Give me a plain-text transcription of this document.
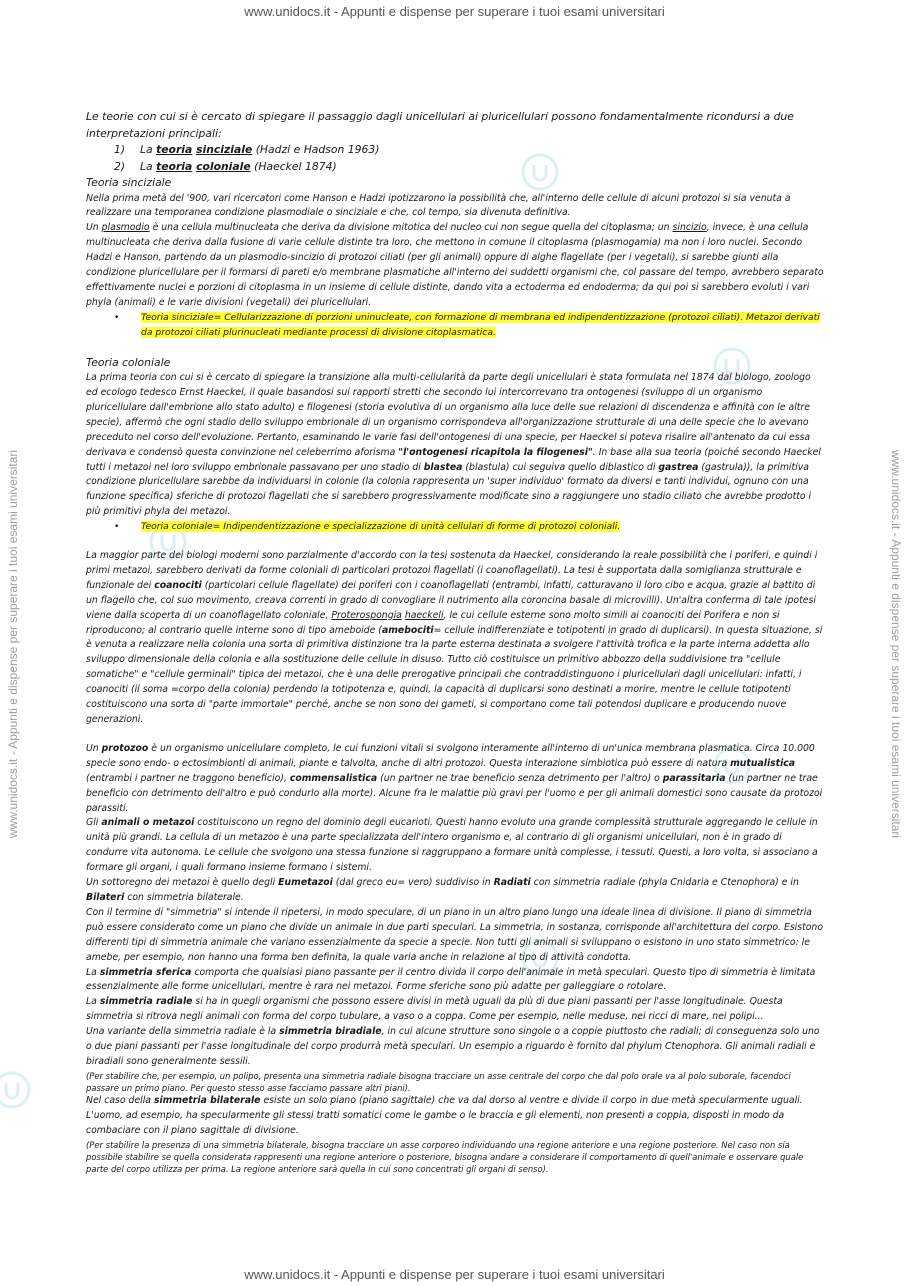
www.unidocs.it - Appunti e dispense per superare i tuoi esami universitari
www.unidocs.it - Appunti e dispense per superare i tuoi esami universitari
www.unidocs.it - Appunti e dispense per superare i tuoi esami universitari	www.unidocs.it - Appunti e dispense per superare i tuoi esami universitari

Le teorie con cui si è cercato di spiegare il passaggio dagli unicellulari ai pluricellulari possono fondamentalmente ricondursi a due interpretazioni principali:

1) La teoria sinciziale (Hadzi e Hadson 1963)
2) La teoria coloniale (Haeckel 1874)

Teoria sinciziale

Nella prima metà del '900, vari ricercatori come Hanson e Hadzi ipotizzarono la possibilità che, all'interno delle cellule di alcuni protozoi si sia venuta a realizzare una temporanea condizione plasmodiale o sinciziale e che, col tempo, sia divenuta definitiva.

Un plasmodio è una cellula multinucleata che deriva da divisione mitotica del nucleo cui non segue quella del citoplasma; un sincizio, invece, è una cellula multinucleata che deriva dalla fusione di varie cellule distinte tra loro, che mettono in comune il citoplasma (plasmogamia) ma non i loro nuclei. Secondo Hadzi e Hanson, partendo da un plasmodio-sincizio di protozoi ciliati (per gli animali) oppure di alghe flagellate (per i vegetali), si sarebbe giunti alla condizione pluricellulare per il formarsi di pareti e/o membrane plasmatiche all'interno dei suddetti organismi che, col passare del tempo, avrebbero separato effettivamente nuclei e porzioni di citoplasma in un insieme di cellule distinte, dando vita a ectoderma ed endoderma; da qui poi si sarebbero evoluti i vari phyla (animali) e le varie divisioni (vegetali) dei pluricellulari.

• Teoria sinciziale= Cellularizzazione di porzioni uninucleate, con formazione di membrana ed indipendentizzazione (protozoi ciliati). Metazoi derivati da protozoi ciliati plurinucleati mediante processi di divisione citoplasmatica.

Teoria coloniale

La prima teoria con cui si è cercato di spiegare la transizione alla multi-cellularità da parte degli unicellulari è stata formulata nel 1874 dal biologo, zoologo ed ecologo tedesco Ernst Haeckel, il quale basandosi sui rapporti stretti che secondo lui intercorrevano tra ontogenesi (sviluppo di un organismo pluricellulare dall'embrione allo stato adulto) e filogenesi (storia evolutiva di un organismo alla luce delle sue relazioni di discendenza e affinità con le altre specie), affermò che ogni stadio dello sviluppo embrionale di un organismo corrispondeva all'organizzazione strutturale di una delle specie che lo avevano preceduto nel corso dell'evoluzione. Pertanto, esaminando le varie fasi dell'ontogenesi di una specie, per Haeckel si poteva risalire all'antenato da cui essa derivava e condensò questa convinzione nel celeberrimo aforisma "l'ontogenesi ricapitola la filogenesi". In base alla sua teoria (poiché secondo Haeckel tutti i metazoi nel loro sviluppo embrionale passavano per uno stadio di blastea (blastula) cui seguiva quello diblastico di gastrea (gastrula)), la primitiva condizione pluricellulare sarebbe da individuarsi in colonie (la colonia rappresenta un 'super individuo' formato da diversi e tanti individui, ognuno con una funzione specifica) sferiche di protozoi flagellati che si sarebbero progressivamente modificate sino a raggiungere uno stadio ciliato che avrebbe prodotto i più primitivi phyla dei metazoi.

• Teoria coloniale= Indipendentizzazione e specializzazione di unità cellulari di forme di protozoi coloniali.

La maggior parte dei biologi moderni sono parzialmente d'accordo con la tesi sostenuta da Haeckel, considerando la reale possibilità che i poriferi, e quindi i primi metazoi, sarebbero derivati da forme coloniali di particolari protozoi flagellati (i coanoflagellati). La tesi è supportata dalla somiglianza strutturale e funzionale dei coanociti (particolari cellule flagellate) dei poriferi con i coanoflagellati (entrambi, infatti, catturavano il loro cibo e acqua, grazie al battito di un flagello che, col suo movimento, creava correnti in grado di convogliare il nutrimento alla coroncina basale di microvilli). Un'altra conferma di tale ipotesi viene dalla scoperta di un coanoflagellato coloniale, Proterospongia haeckeli, le cui cellule esterne sono molto simili ai coanociti dei Porifera e non si riproducono; al contrario quelle interne sono di tipo ameboide (amebociti= cellule indifferenziate e totipotenti in grado di duplicarsi). In questa situazione, si è venuta a realizzare nella colonia una sorta di primitiva distinzione tra la parte esterna destinata a svolgere l'attività trofica e la parte interna addetta allo sviluppo dimensionale della colonia e alla sostituzione delle cellule in disuso. Tutto ciò costituisce un primitivo abbozzo della suddivisione tra "cellule somatiche" e "cellule germinali" tipica dei metazoi, che è una delle prerogative principali che contraddistinguono i pluricellulari dagli unicellulari: infatti, i coanociti (il soma =corpo della colonia) perdendo la totipotenza e, quindi, la capacità di duplicarsi sono destinati a morire, mentre le cellule totipotenti costituiscono una sorta di "parte immortale" perché, anche se non sono dei gameti, si comportano come tali potendosi duplicare e producendo nuove generazioni.

Un protozoo è un organismo unicellulare completo, le cui funzioni vitali si svolgono interamente all'interno di un'unica membrana plasmatica. Circa 10.000 specie sono endo- o ectosimbionti di animali, piante e talvolta, anche di altri protozoi. Questa interazione simbiotica può essere di natura mutualistica (entrambi i partner ne traggono beneficio), commensalistica (un partner ne trae beneficio senza detrimento per l'altro) o parassitaria (un partner ne trae beneficio con detrimento dell'altro e può condurlo alla morte). Alcune fra le malattie più gravi per l'uomo e per gli animali domestici sono causate da protozoi parassiti.

Gli animali o metazoi costituiscono un regno del dominio degli eucarioti. Questi hanno evoluto una grande complessità strutturale aggregando le cellule in unità più grandi. La cellula di un metazoo è una parte specializzata dell'intero organismo e, al contrario di gli organismi unicellulari, non è in grado di condurre vita autonoma. Le cellule che svolgono una stessa funzione si raggruppano a formare unità complesse, i tessuti. Questi, a loro volta, si associano a formare gli organi, i quali formano insieme formano i sistemi.

Un sottoregno dei metazoi è quello degli Eumetazoi (dal greco eu= vero) suddiviso in Radiati con simmetria radiale (phyla Cnidaria e Ctenophora) e in Bilateri con simmetria bilaterale.

Con il termine di "simmetria" si intende il ripetersi, in modo speculare, di un piano in un altro piano lungo una ideale linea di divisione. Il piano di simmetria può essere considerato come un piano che divide un animale in due parti speculari. La simmetria, in sostanza, corrisponde all'architettura del corpo. Esistono differenti tipi di simmetria animale che variano essenzialmente da specie a specie. Non tutti gli animali si sviluppano o esistono in uno stato simmetrico: le amebe, per esempio, non hanno una forma ben definita, la quale varia anche in relazione al tipo di attività condotta.

La simmetria sferica comporta che qualsiasi piano passante per il centro divida il corpo dell'animale in metà speculari. Questo tipo di simmetria è limitata essenzialmente alle forme unicellulari, mentre è rara nei metazoi. Forme sferiche sono più adatte per galleggiare o rotolare.

La simmetria radiale si ha in quegli organismi che possono essere divisi in metà uguali da più di due piani passanti per l'asse longitudinale. Questa simmetria si ritrova negli animali con forma del corpo tubulare, a vaso o a coppa. Come per esempio, nelle meduse, nei ricci di mare, nei polipi...

Una variante della simmetria radiale è la simmetria biradiale, in cui alcune strutture sono singole o a coppie piuttosto che radiali; di conseguenza solo uno o due piani passanti per l'asse longitudinale del corpo produrrà metà speculari. Un esempio a riguardo è fornito dal phylum Ctenophora. Gli animali radiali e biradiali sono generalmente sessili.

(Per stabilire che, per esempio, un polipo, presenta una simmetria radiale bisogna tracciare un asse centrale del corpo che dal polo orale va al polo suborale, facendoci passare un primo piano. Per questo stesso asse facciamo passare altri piani).

Nel caso della simmetria bilaterale esiste un solo piano (piano sagittale) che va dal dorso al ventre e divide il corpo in due metà specularmente uguali. L'uomo, ad esempio, ha specularmente gli stessi tratti somatici come le gambe o le braccia e gli elementi, non presenti a coppia, disposti in modo da combaciare con il piano sagittale di divisione.

(Per stabilire la presenza di una simmetria bilaterale, bisogna tracciare un asse corporeo individuando una regione anteriore e una regione posteriore. Nel caso non sia possibile stabilire se quella considerata rappresenti una regione anteriore o posteriore, bisogna andare a considerare il comportamento di quell'animale e osservare quale parte del corpo utilizza per prima. La regione anteriore sarà quella in cui sono concentrati gli organi di senso).
